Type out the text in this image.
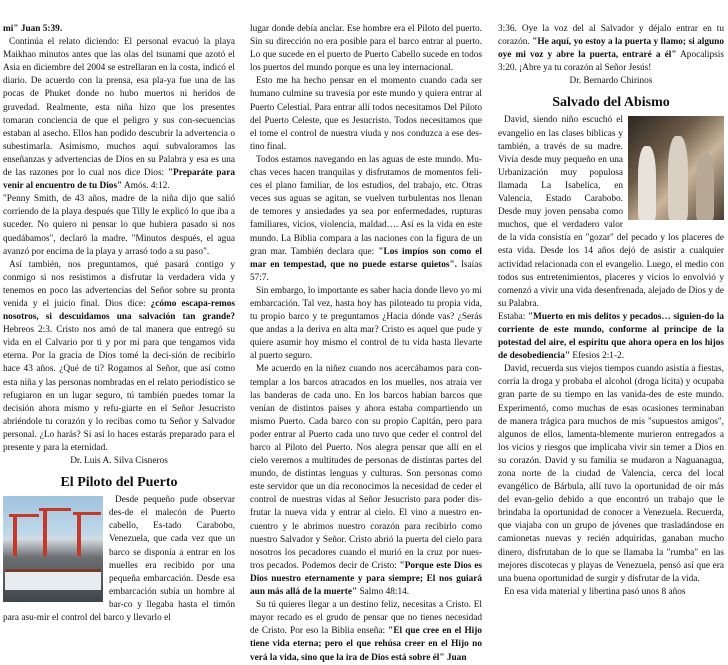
mi" Juan 5:39.

Continúa el relato diciendo: El personal evacuó la playa Maikhao minutos antes que las olas del tsunami que azotó el Asia en diciembre del 2004 se estrellaran en la costa, indicó el diario. De acuerdo con la prensa, esa pla-ya fue una de las pocas de Phuket donde no hubo muertos ni heridos de gravedad. Realmente, esta niña hizo que los presentes tomaran conciencia de que el peligro y sus con-secuencias estaban al asecho. Ellos han podido descubrir la advertencia o subestimarla. Asimismo, muchos aquí subvaloramos las enseñanzas y advertencias de Dios en su Palabra y esa es una de las razones por lo cual nos dice Dios: "Preparáte para venir al encuentro de tu Dios" Amós. 4:12.

"Penny Smith, de 43 años, madre de la niña dijo que salió corriendo de la playa después que Tilly le explicó lo que iba a suceder. No quiero ni pensar lo que hubiera pasado si nos quedábamos", declaró la madre. "Minutos después, el agua avanzó por encima de la playa y arrasó todo a su paso".

Así también, nos preguntamos, qué pasará contigo y conmigo si nos resistimos a disfrutar la verdadera vida y tenemos en poco las advertencias del Señor sobre su pronta venida y el juicio final. Dios dice: ¿cómo escapa-remos nosotros, si descuidamos una salvación tan grande? Hebreos 2:3. Cristo nos amó de tal manera que entregó su vida en el Calvario por ti y por mí para que tengamos vida eterna. Por la gracia de Dios tomé la deci-sión de recibirlo hace 43 años. ¿Qué de ti? Rogamos al Señor, que así como esta niña y las personas nombradas en el relato periodístico se refugiaron en un lugar seguro, tú también puedes tomar la decisión ahora mismo y refu-giarte en el Señor Jesucristo abriéndole tu corazón y lo recibas como tu Señor y Salvador personal. ¿Lo harás? Si así lo haces estarás preparado para el presente y para la eternidad.

Dr. Luis A. Silva Cisneros

El Piloto del Puerto

Desde pequeño pude observar des-de el malecón de Puerto cabello, Es-tado Carabobo, Venezuela, que cada vez que un barco se disponía a entrar en los muelles era recibido por una pequeña embarcación. Desde esa embarcación subía un hombre al bar-co y llegaba hasta el timón para asu-mir el control del barco y llevarlo el

lugar donde debía anclar. Ese hombre era el Piloto del puerto. Sin su dirección no era posible para el barco entrar al puerto. Lo que sucede en el puerto de Puerto Cabello sucede en todos los puertos del mundo porque es una ley internacional.

Esto me ha hecho pensar en el momento cuando cada ser humano culmine su travesía por este mundo y quiera entrar al Puerto Celestial. Para entrar allí todos necesitamos Del Piloto del Puerto Celeste, que es Jesucristo. Todos necesitamos que el tome el control de nuestra viuda y nos conduzca a ese des-tino final.

Todos estamos navegando en las aguas de este mundo. Mu-chas veces hacen tranquilas y disfrutamos de momentos feli-ces el plano familiar, de los estudios, del trabajo, etc. Otras veces sus aguas se agitan, se vuelven turbulentas nos llenan de temores y ansiedades ya sea por enfermedades, rupturas familiares, vicios, violencia, maldad…. Así es la vida en este mundo. La Biblia compara a las naciones con la figura de un gran mar. También declara que: "Los impíos son como el mar en tempestad, que no puede estarse quietos". Isaías 57:7.

Sin embargo, lo importante es saber hacia donde llevo yo mi embarcación. Tal vez, hasta hoy has piloteado tu propia vida, tu propio barco y te preguntamos ¿Hacia dónde vas? ¿Serás que andas a la deriva en alta mar? Cristo es aquel que pude y quiere asumir hoy mismo el control de tu vida hasta llevarte al puerto seguro.

Me acuerdo en la niñez cuando nos acercábamos para con-templar a los barcos atracados en los muelles, nos atraía ver las banderas de cada uno. En los barcos habían barcos que venían de distintos países y ahora estaba compartiendo un mismo Puerto. Cada barco con su propio Capitán, pero para poder entrar al Puerto cada uno tuvo que ceder el control del barco al Piloto del Puerto. Nos alegra pensar que allí en el cielo veremos a multitudes de personas de distintas partes del mundo, de distintas lenguas y culturas. Son personas como este servidor que un día reconocimos la necesidad de ceder el control de nuestras vidas al Señor Jesucristo para poder dis-frutar la nueva vida y entrar al cielo. El vino a nuestro en-cuentro y le abrimos nuestro corazón para recibirlo como nuestro Salvador y Señor. Cristo abrió la puerta del cielo para nosotros los pecadores cuando el murió en la cruz por nues-tros pecados. Podemos decir de Cristo: "Porque este Dios es Dios nuestro eternamente y para siempre; El nos guiará aun más allá de la muerte" Salmo 48:14.

Su tú quieres llegar a un destino feliz, necesitas a Cristo. El mayor recado es el grudo de pensar que no tienes necesidad de Cristo. Por eso la Biblia enseña: "El que cree en el Hijo tiene vida eterna; pero el que rehúsa creer en el Hijo no verá la vida, sino que la ira de Dios está sobre él" Juan

3:36. Oye la voz del al Salvador y déjalo entrar en tu corazón. "He aquí, yo estoy a la puerta y llamo; si alguno oye mi voz y abre la puerta, entraré a él" Apocalipsis 3:20. ¡Abre ya tu corazón al Señor Jesús!

Dr. Bernardo Chirinos

Salvado del Abismo

David, siendo niño escuchó el evangelio en las clases bíblicas y también, a través de su madre. Vivía desde muy pequeño en una Urbanización muy populosa llamada La Isabelica, en Valencia, Estado Carabobo. Desde muy joven pensaba como muchos, que el verdadero valor de la vida consistía en "gozar" del pecado y los placeres de esta vida. Desde los 14 años dejó de asistir a cualquier actividad relacionada con el evangelio. Luego, el medio con todos sus entretenimientos, placeres y vicios lo envolvió y comenzó a vivir una vida desenfrenada, alejado de Dios y de su Palabra.

Estaba: "Muerto en mis delitos y pecados… siguien-do la corriente de este mundo, conforme al príncipe de la potestad del aire, el espíritu que ahora opera en los hijos de desobediencia" Efesios 2:1-2.

David, recuerda sus viejos tiempos cuando asistía a fiestas, corría la droga y probaba el alcohol (droga lícita) y ocupaba gran parte de su tiempo en las vanida-des de este mundo. Experimentó, como muchas de esas ocasiones terminaban de manera trágica para muchos de mis "supuestos amigos", algunos de ellos, lamenta-blemente murieron entregados a los vicios y riesgos que implicaba vivir sin temer a Dios en su corazón. David y su familia se mudaron a Naguanagua, zona norte de la ciudad de Valencia, cerca del local evangélico de Bárbula, allí tuvo la oportunidad de oír más del evan-gelio debido a que encontró un trabajo que le brindaba la oportunidad de conocer a Venezuela. Recuerda, que viajaba con un grupo de jóvenes que trasladándose en camionetas nuevas y recién adquiridas, ganaban mucho dinero, disfrutaban de lo que se llamaba la "rumba" en las mejores discotecas y playas de Venezuela, pensó así que era una buena oportunidad de surgir y disfrutar de la vida.

En esa vida material y libertina pasó unos 8 años
